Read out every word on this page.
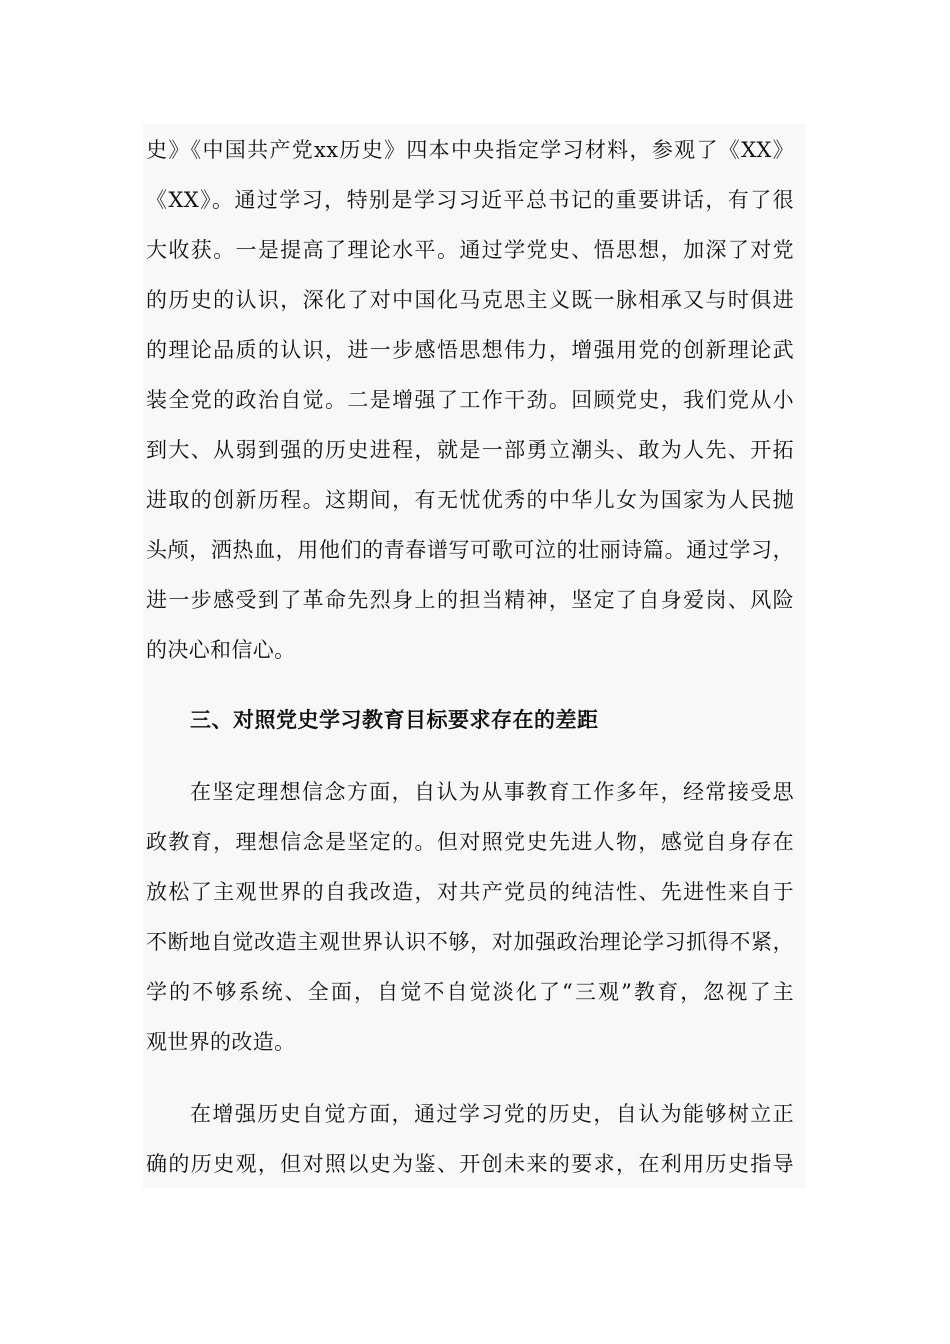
史》《中国共产党xx历史》四本中央指定学习材料，参观了《XX》
《XX》。通过学习，特别是学习习近平总书记的重要讲话，有了很
大收获。一是提高了理论水平。通过学党史、悟思想，加深了对党
的历史的认识，深化了对中国化马克思主义既一脉相承又与时俱进
的理论品质的认识，进一步感悟思想伟力，增强用党的创新理论武
装全党的政治自觉。二是增强了工作干劲。回顾党史，我们党从小
到大、从弱到强的历史进程，就是一部勇立潮头、敢为人先、开拓
进取的创新历程。这期间，有无忧优秀的中华儿女为国家为人民抛
头颅，洒热血，用他们的青春谱写可歌可泣的壮丽诗篇。通过学习，
进一步感受到了革命先烈身上的担当精神，坚定了自身爱岗、风险
的决心和信心。
三、对照党史学习教育目标要求存在的差距
在坚定理想信念方面，自认为从事教育工作多年，经常接受思
政教育，理想信念是坚定的。但对照党史先进人物，感觉自身存在
放松了主观世界的自我改造，对共产党员的纯洁性、先进性来自于
不断地自觉改造主观世界认识不够，对加强政治理论学习抓得不紧，
学的不够系统、全面，自觉不自觉淡化了“三观”教育，忽视了主
观世界的改造。
在增强历史自觉方面，通过学习党的历史，自认为能够树立正
确的历史观，但对照以史为鉴、开创未来的要求，在利用历史指导
